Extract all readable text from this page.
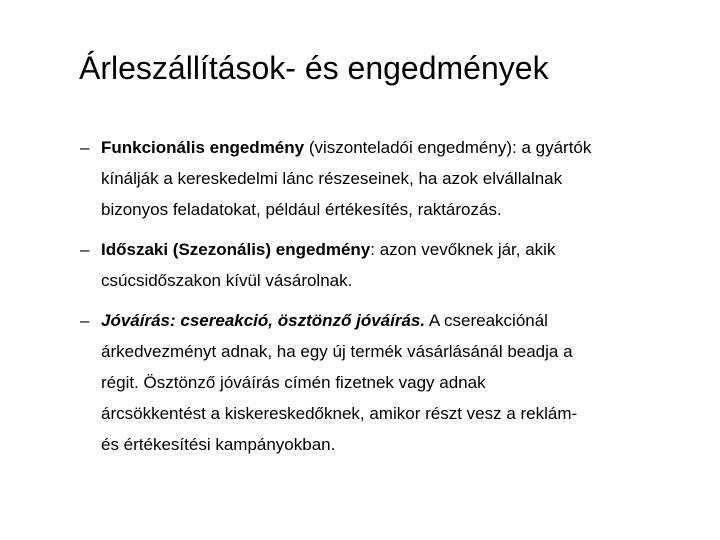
Árleszállítások- és engedmények
– Funkcionális engedmény (viszonteladói engedmény): a gyártók
kínálják a kereskedelmi lánc részeseinek, ha azok elvállalnak
bizonyos feladatokat, például értékesítés, raktározás.
– Időszaki (Szezonális) engedmény: azon vevőknek jár, akik
csúcsidőszakon kívül vásárolnak.
– Jóváírás: csereakció, ösztönző jóváírás. A csereakciónál
árkedvezményt adnak, ha egy új termék vásárlásánál beadja a
régit. Ösztönző jóváírás címén fizetnek vagy adnak
árcsökkentést a kiskereskedőknek, amikor részt vesz a reklám-
és értékesítési kampányokban.
